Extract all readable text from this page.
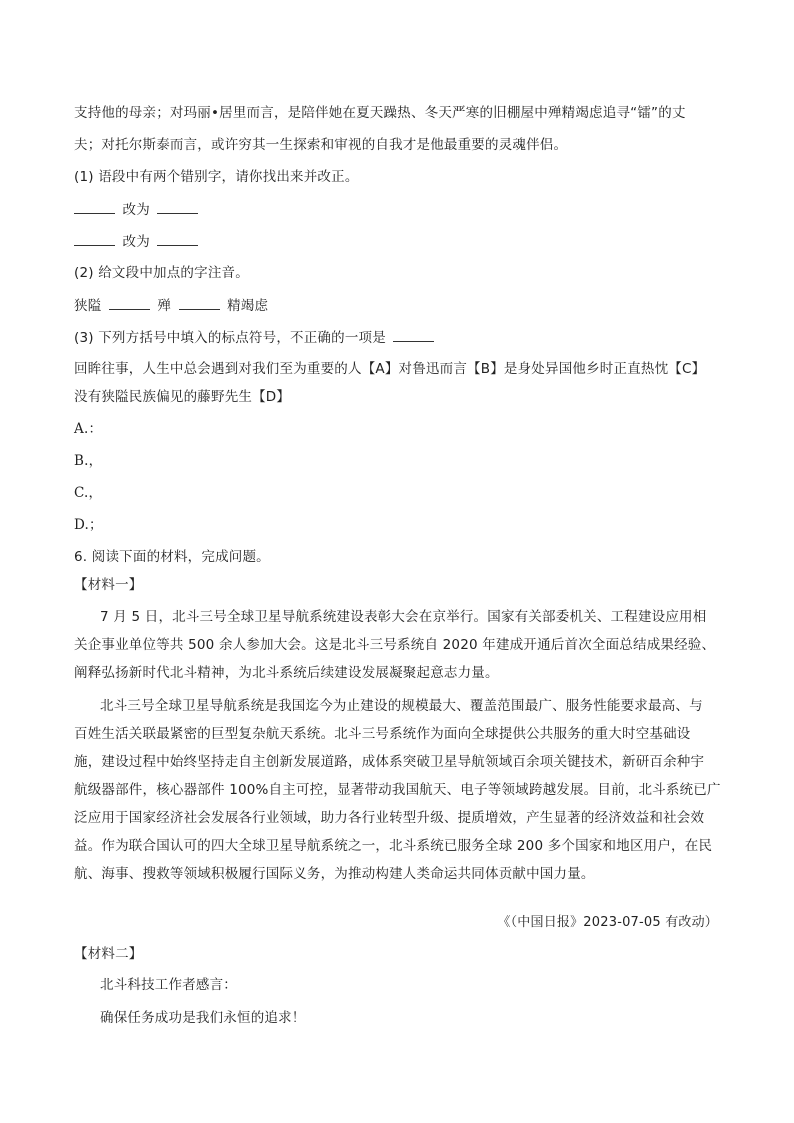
支持他的母亲；对玛丽•居里而言，是陪伴她在夏天躁热、冬天严寒的旧棚屋中殚精竭虑追寻“镭”的丈
夫；对托尔斯泰而言，或许穷其一生探索和审视的自我才是他最重要的灵魂伴侣。
(1) 语段中有两个错别字，请你找出来并改正。
改为
改为
(2) 给文段中加点的字注音。
狭隘	殚	精竭虑
(3) 下列方括号中填入的标点符号，不正确的一项是
回眸往事，人生中总会遇到对我们至为重要的人【A】对鲁迅而言【B】是身处异国他乡时正直热忱【C】
没有狭隘民族偏见的藤野先生【D】
A.：
B.，
C.，
D.；
6. 阅读下面的材料，完成问题。
【材料一】
7 月 5 日，北斗三号全球卫星导航系统建设表彰大会在京举行。国家有关部委机关、工程建设应用相
关企事业单位等共 500 余人参加大会。这是北斗三号系统自 2020 年建成开通后首次全面总结成果经验、
阐释弘扬新时代北斗精神，为北斗系统后续建设发展凝聚起意志力量。
北斗三号全球卫星导航系统是我国迄今为止建设的规模最大、覆盖范围最广、服务性能要求最高、与
百姓生活关联最紧密的巨型复杂航天系统。北斗三号系统作为面向全球提供公共服务的重大时空基础设
施，建设过程中始终坚持走自主创新发展道路，成体系突破卫星导航领域百余项关键技术，新研百余种宇
航级器部件，核心器部件 100%自主可控，显著带动我国航天、电子等领域跨越发展。目前，北斗系统已广
泛应用于国家经济社会发展各行业领域，助力各行业转型升级、提质增效，产生显著的经济效益和社会效
益。作为联合国认可的四大全球卫星导航系统之一，北斗系统已服务全球 200 多个国家和地区用户，在民
航、海事、搜救等领域积极履行国际义务，为推动构建人类命运共同体贡献中国力量。
《（中国日报》2023-07-05 有改动）
【材料二】
北斗科技工作者感言：
确保任务成功是我们永恒的追求！
